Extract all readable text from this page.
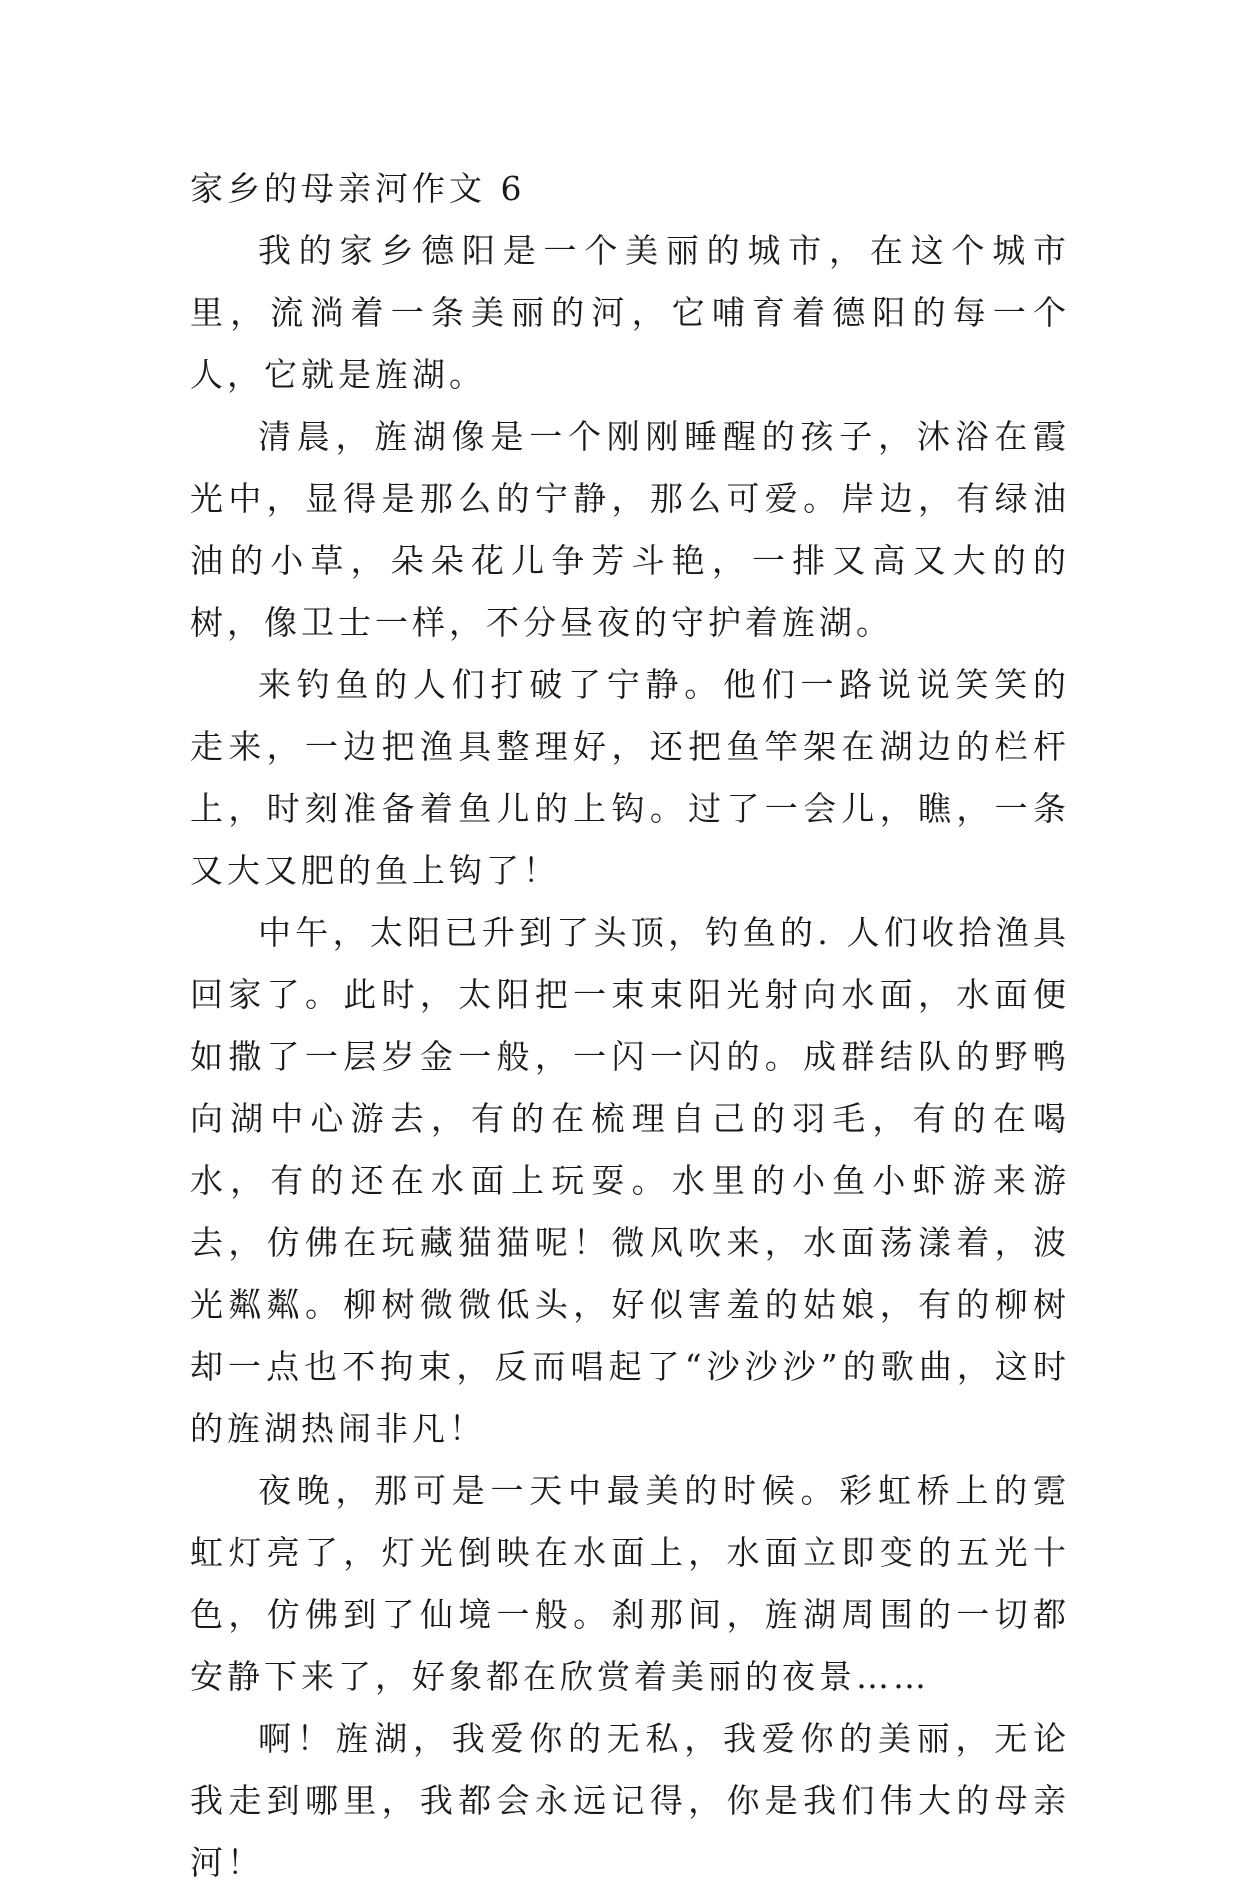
家乡的母亲河作文 6

我的家乡德阳是一个美丽的城市，在这个城市里，流淌着一条美丽的河，它哺育着德阳的每一个人，它就是旌湖。

清晨，旌湖像是一个刚刚睡醒的孩子，沐浴在霞光中，显得是那么的宁静，那么可爱。岸边，有绿油油的小草，朵朵花儿争芳斗艳，一排又高又大的的树，像卫士一样，不分昼夜的守护着旌湖。

来钓鱼的人们打破了宁静。他们一路说说笑笑的走来，一边把渔具整理好，还把鱼竿架在湖边的栏杆上，时刻准备着鱼儿的上钩。过了一会儿，瞧，一条又大又肥的鱼上钩了！

中午，太阳已升到了头顶，钓鱼的. 人们收拾渔具回家了。此时，太阳把一束束阳光射向水面，水面便如撒了一层岁金一般，一闪一闪的。成群结队的野鸭向湖中心游去，有的在梳理自己的羽毛，有的在喝水，有的还在水面上玩耍。水里的小鱼小虾游来游去，仿佛在玩藏猫猫呢！微风吹来，水面荡漾着，波光粼粼。柳树微微低头，好似害羞的姑娘，有的柳树却一点也不拘束，反而唱起了“沙沙沙”的歌曲，这时的旌湖热闹非凡！

夜晚，那可是一天中最美的时候。彩虹桥上的霓虹灯亮了，灯光倒映在水面上，水面立即变的五光十色，仿佛到了仙境一般。刹那间，旌湖周围的一切都安静下来了，好象都在欣赏着美丽的夜景……

啊！旌湖，我爱你的无私，我爱你的美丽，无论我走到哪里，我都会永远记得，你是我们伟大的母亲河！
